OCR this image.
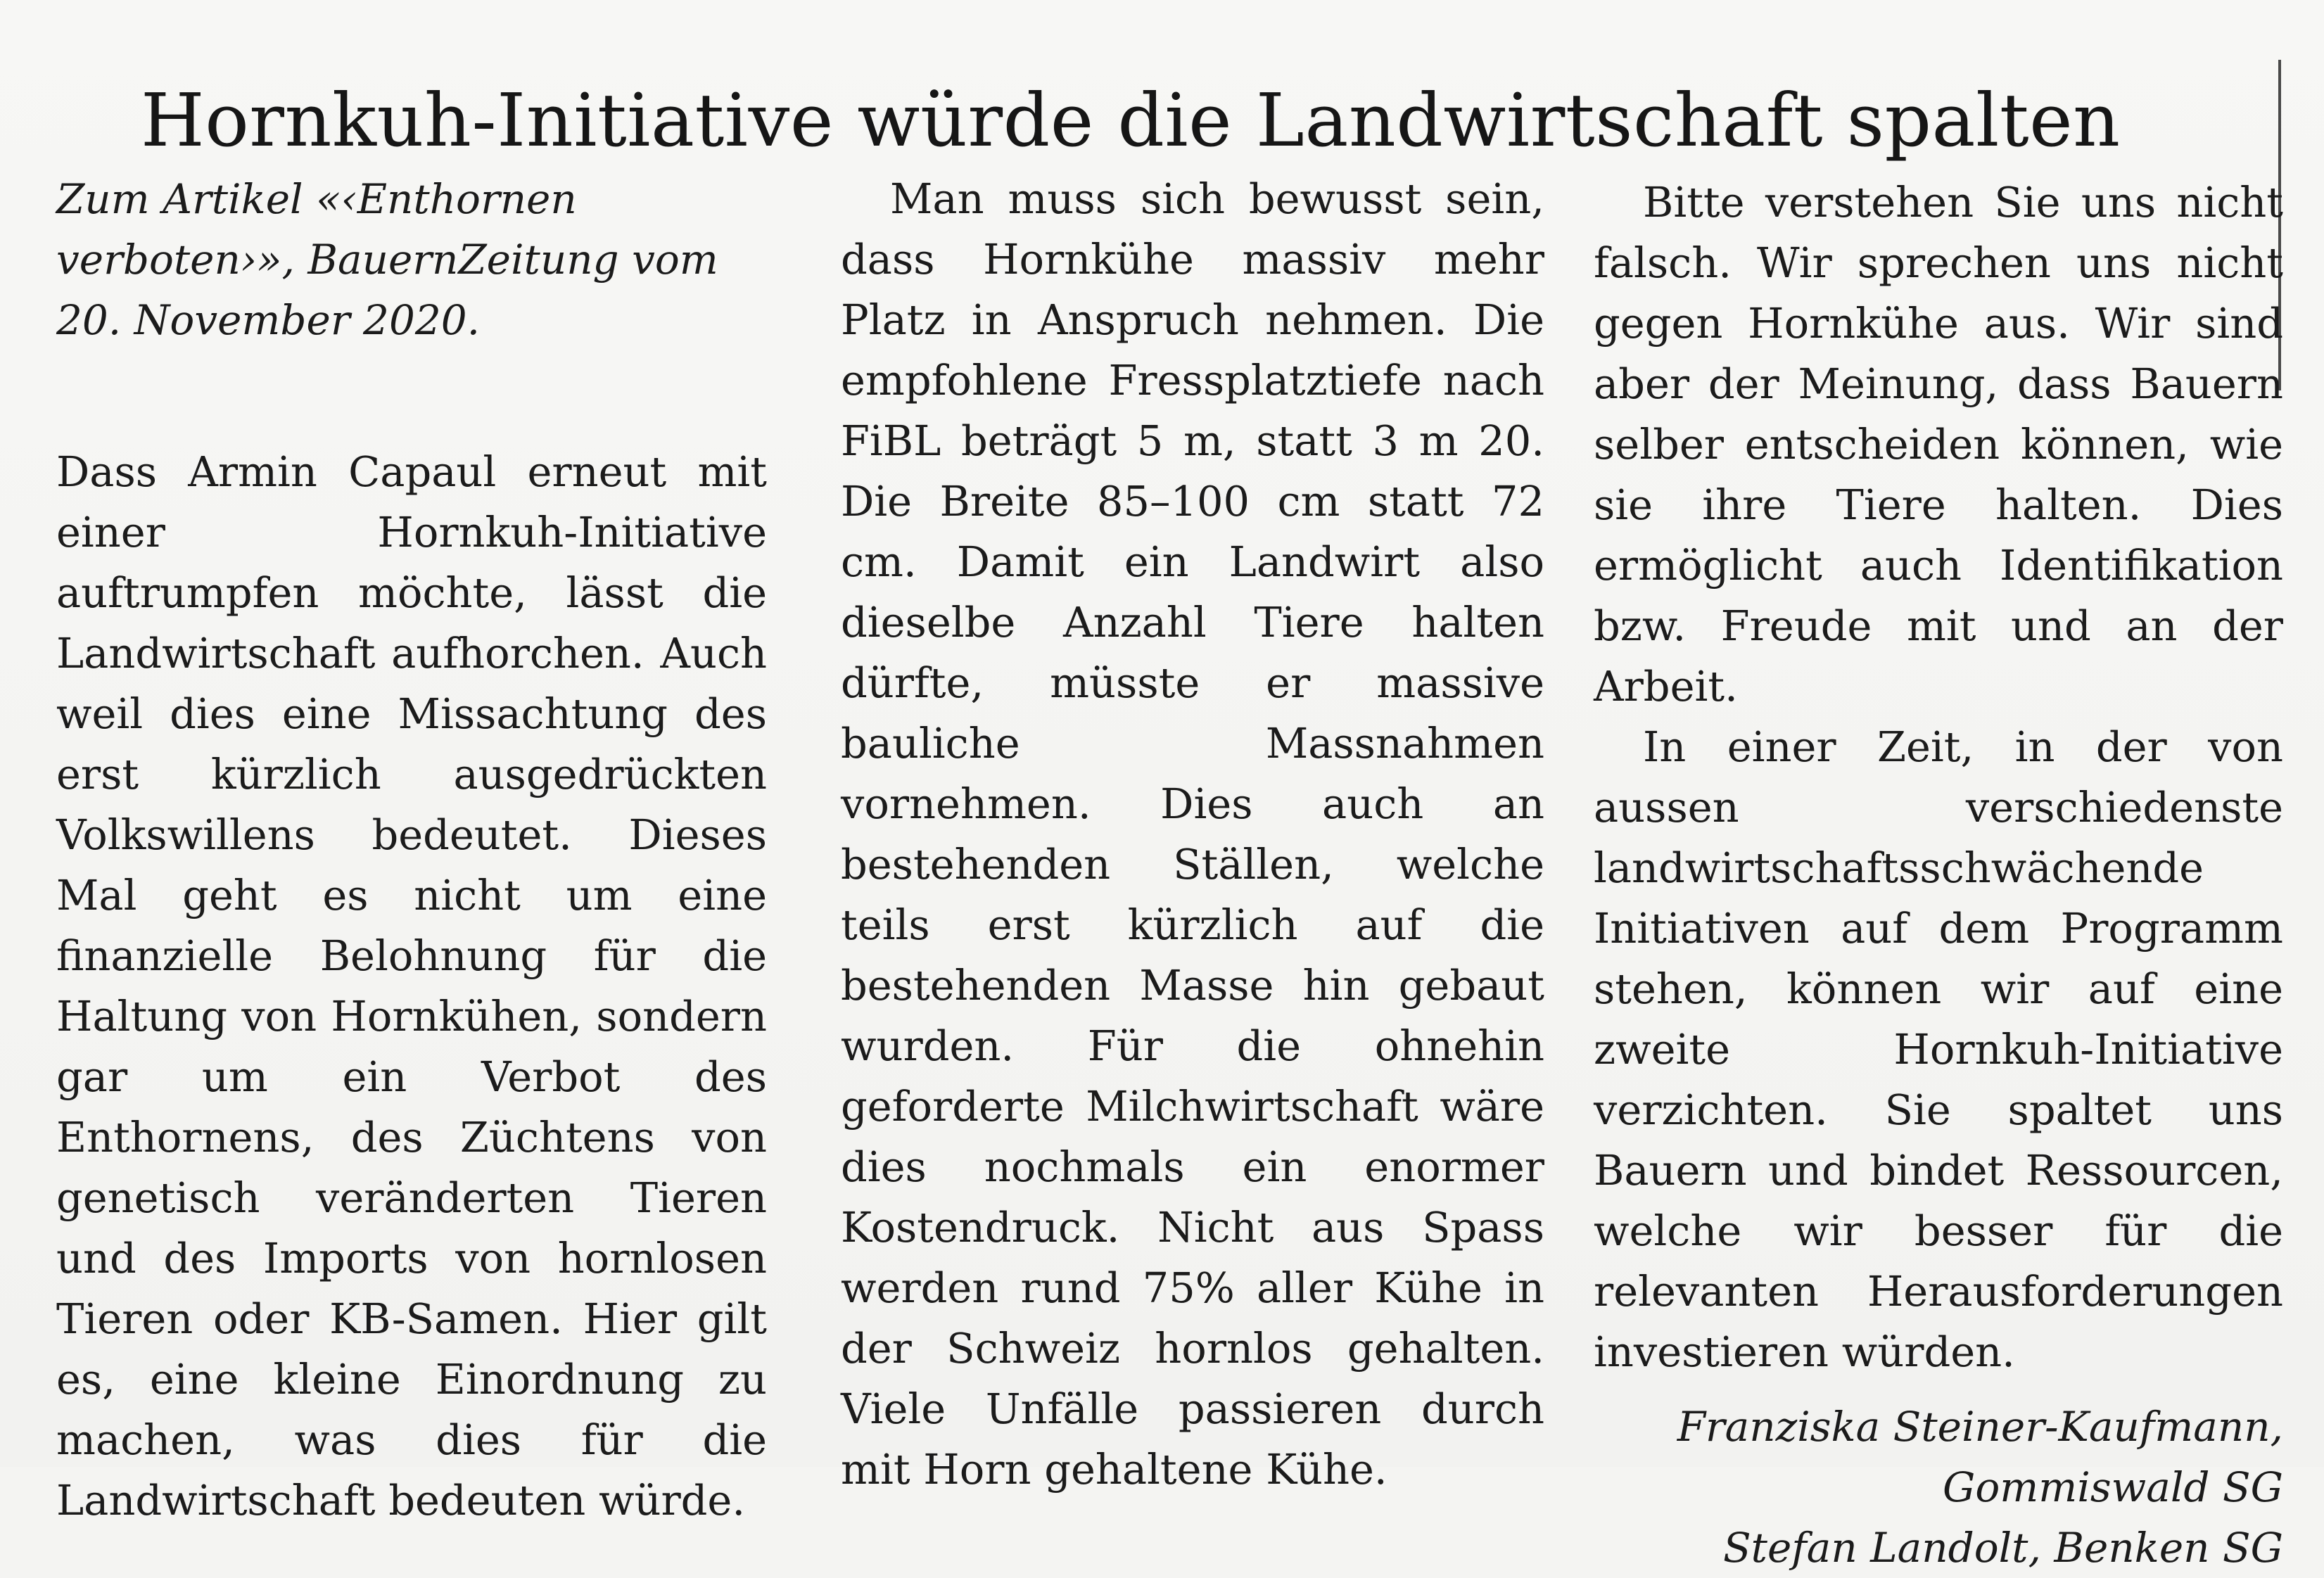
Hornkuh-Initiative würde die Landwirtschaft spalten

Zum Artikel «‹Enthornen verboten›», BauernZeitung vom 20. November 2020.

Dass Armin Capaul erneut mit einer Hornkuh-Initiative auftrumpfen möchte, lässt die Landwirtschaft aufhorchen. Auch weil dies eine Missachtung des erst kürzlich ausgedrückten Volkswillens bedeutet. Dieses Mal geht es nicht um eine finanzielle Belohnung für die Haltung von Hornkühen, sondern gar um ein Verbot des Enthornens, des Züchtens von genetisch veränderten Tieren und des Imports von hornlosen Tieren oder KB-Samen. Hier gilt es, eine kleine Einordnung zu machen, was dies für die Landwirtschaft bedeuten würde.

Man muss sich bewusst sein, dass Hornkühe massiv mehr Platz in Anspruch nehmen. Die empfohlene Fressplatztiefe nach FiBL beträgt 5 m, statt 3 m 20. Die Breite 85–100 cm statt 72 cm. Damit ein Landwirt also dieselbe Anzahl Tiere halten dürfte, müsste er massive bauliche Massnahmen vornehmen. Dies auch an bestehenden Ställen, welche teils erst kürzlich auf die bestehenden Masse hin gebaut wurden. Für die ohnehin geforderte Milchwirtschaft wäre dies nochmals ein enormer Kostendruck. Nicht aus Spass werden rund 75% aller Kühe in der Schweiz hornlos gehalten. Viele Unfälle passieren durch mit Horn gehaltene Kühe.

Bitte verstehen Sie uns nicht falsch. Wir sprechen uns nicht gegen Hornkühe aus. Wir sind aber der Meinung, dass Bauern selber entscheiden können, wie sie ihre Tiere halten. Dies ermöglicht auch Identifikation bzw. Freude mit und an der Arbeit.

In einer Zeit, in der von aussen verschiedenste landwirtschaftsschwächende Initiativen auf dem Programm stehen, können wir auf eine zweite Hornkuh-Initiative verzichten. Sie spaltet uns Bauern und bindet Ressourcen, welche wir besser für die relevanten Herausforderungen investieren würden.

Franziska Steiner-Kaufmann,
Gommiswald SG
Stefan Landolt, Benken SG
